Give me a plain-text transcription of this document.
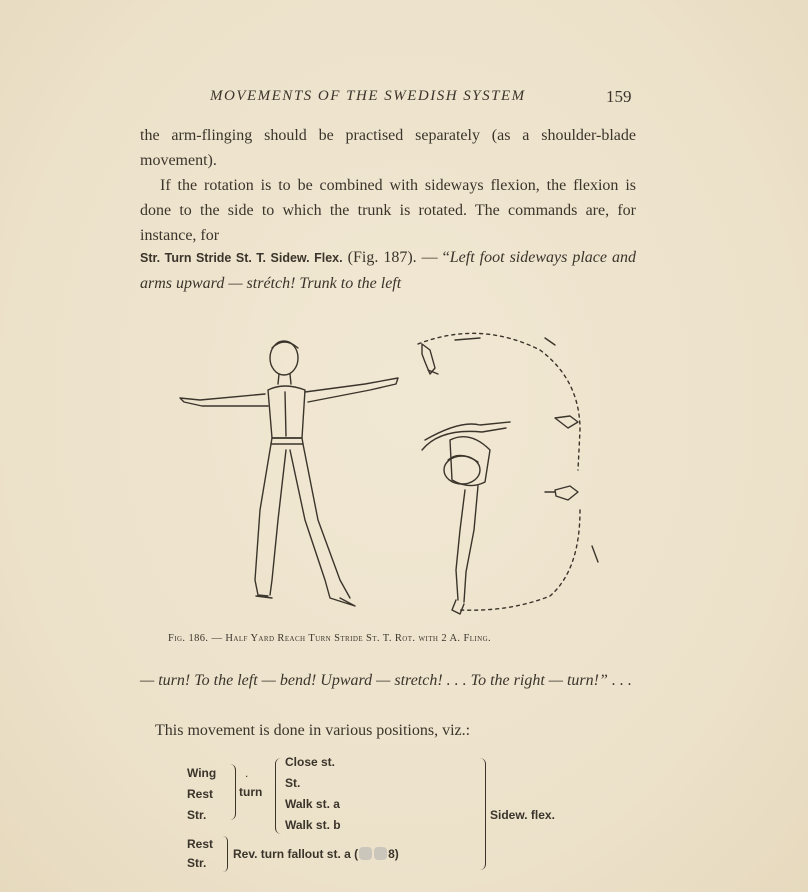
MOVEMENTS OF THE SWEDISH SYSTEM	159
the arm-flinging should be practised separately (as a shoulder-blade movement).
If the rotation is to be combined with sideways flexion, the flexion is done to the side to which the trunk is rotated. The commands are, for instance, for
Str. Turn Stride St. T. Sidew. Flex. (Fig. 187). — “Left foot sideways place and arms upward — strétch! Trunk to the left
Fig. 186. — Half Yard Reach Turn Stride St. T. Rot. with 2 A. Fling.
— turn! To the left — bend! Upward — stretch! . . . To the right — turn!” . . .
This movement is done in various positions, viz.:
Wing
Rest
Str.
.
turn
Close st.
St.
Walk st. a
Walk st. b
Sidew. flex.
Rest
Str.
Rev. turn fallout st. a (	8)
